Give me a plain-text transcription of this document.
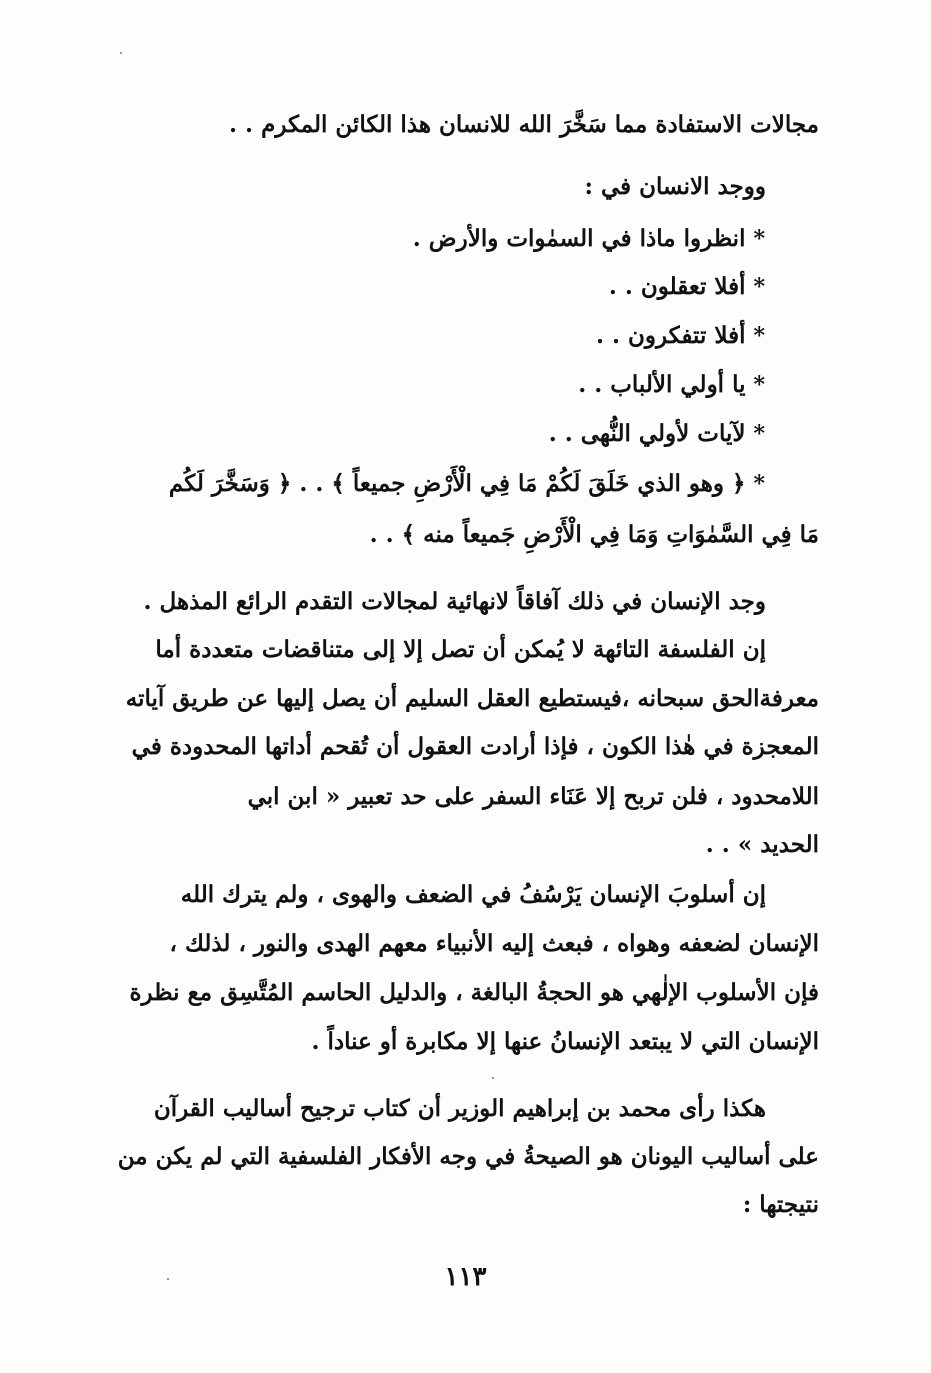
مجالات الاستفادة مما سَخَّرَ الله للانسان هذا الكائن المكرم . .
ووجد الانسان في :
*انظروا ماذا في السمٰوات والأرض .
*أفلا تعقلون . .
*أفلا تتفكرون . .
*يا أولي الألباب . .
*لآيات لأولي النُّهى . .
*﴿ وهو الذي خَلَقَ لَكُمْ مَا فِي الْأَرْضِ جميعاً ﴾ . . ﴿ وَسَخَّرَ لَكُم
مَا فِي السَّمٰوَاتِ وَمَا فِي الْأَرْضِ جَميعاً منه ﴾ . .
وجد الإنسان في ذلك آفاقاً لانهائية لمجالات التقدم الرائع المذهل .
إن الفلسفة التائهة لا يُمكن أن تصل إلا إلى متناقضات متعددة أما
معرفةالحق سبحانه ،فيستطيع العقل السليم أن يصل إليها عن طريق آياته
المعجزة في هٰذا الكون ، فإذا أرادت العقول أن تُقحم أداتها المحدودة في
اللامحدود ، فلن تربح إلا عَنَاء السفر على حد تعبير « ابن ابي
الحديد » . .
إن أسلوبَ الإنسان يَرْسُفُ في الضعف والهوى ، ولم يترك الله
الإنسان لضعفه وهواه ، فبعث إليه الأنبياء معهم الهدى والنور ، لذلك ،
فإن الأسلوب الإلٰهي هو الحجةُ البالغة ، والدليل الحاسم المُتَّسِق مع نظرة
الإنسان التي لا يبتعد الإنسانُ عنها إلا مكابرة أو عناداً .
هكذا رأى محمد بن إبراهيم الوزير أن كتاب ترجيح أساليب القرآن
على أساليب اليونان هو الصيحةُ في وجه الأفكار الفلسفية التي لم يكن من
نتيجتها :
١١٣
